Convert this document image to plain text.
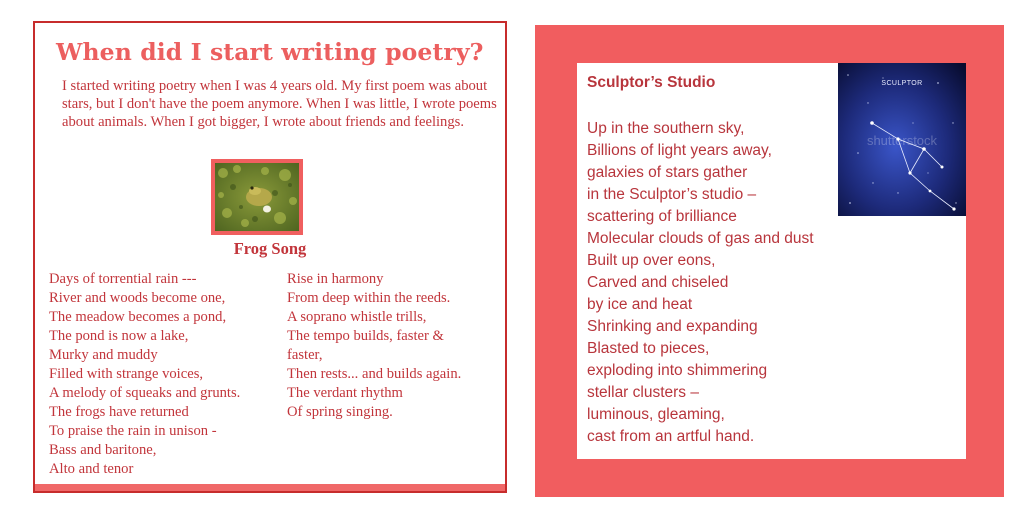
When did I start writing poetry?

I started writing poetry when I was 4 years old. My first poem was about stars, but I don't have the poem anymore. When I was little, I wrote poems about animals. When I got bigger, I wrote about friends and feelings.

Frog Song
Days of torrential rain ---
River and woods become one,
The meadow becomes a pond,
The pond is now a lake,
Murky and muddy
Filled with strange voices,
A melody of squeaks and grunts.
The frogs have returned
To praise the rain in unison -
Bass and baritone,
Alto and tenor
Rise in harmony
From deep within the reeds.
A soprano whistle trills,
The tempo builds, faster &
faster,
Then rests... and builds again.
The verdant rhythm
Of spring singing.
Sculptor’s Studio	SCULPTOR
shutterstock
Up in the southern sky,
Billions of light years away,
galaxies of stars gather
in the Sculptor’s studio –
scattering of brilliance
Molecular clouds of gas and dust
Built up over eons,
Carved and chiseled
by ice and heat
Shrinking and expanding
Blasted to pieces,
exploding into shimmering
stellar clusters –
luminous, gleaming,
cast from an artful hand.
